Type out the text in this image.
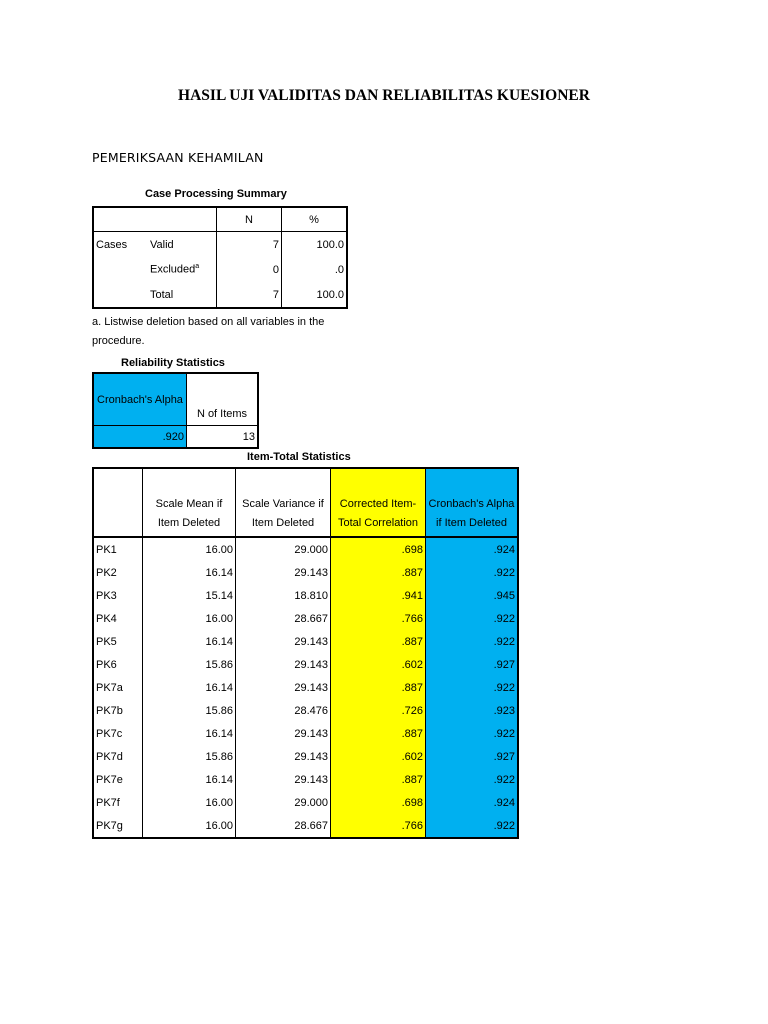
HASIL UJI VALIDITAS DAN RELIABILITAS KUESIONER
PEMERIKSAAN KEHAMILAN
Case Processing Summary
		N	%
Cases	Valid	7	100.0
	Excluded$^a$	0	.0
	Total	7	100.0
a. Listwise deletion based on all variables in the procedure.
Reliability Statistics
Cronbach's Alpha	N of Items
.920	13
Item-Total Statistics
	Scale Mean if Item Deleted	Scale Variance if Item Deleted	Corrected Item-Total Correlation	Cronbach's Alpha if Item Deleted
PK1	16.00	29.000	.698	.924
PK2	16.14	29.143	.887	.922
PK3	15.14	18.810	.941	.945
PK4	16.00	28.667	.766	.922
PK5	16.14	29.143	.887	.922
PK6	15.86	29.143	.602	.927
PK7a	16.14	29.143	.887	.922
PK7b	15.86	28.476	.726	.923
PK7c	16.14	29.143	.887	.922
PK7d	15.86	29.143	.602	.927
PK7e	16.14	29.143	.887	.922
PK7f	16.00	29.000	.698	.924
PK7g	16.00	28.667	.766	.922
